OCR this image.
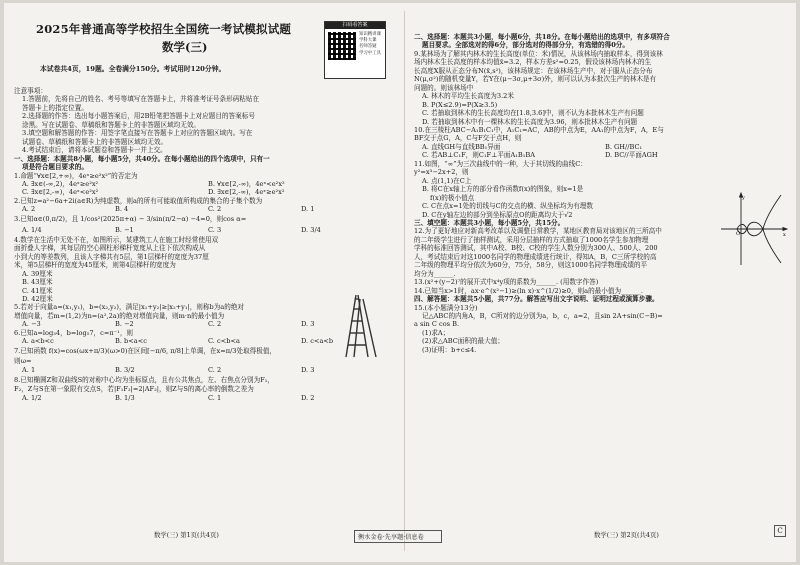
2025年普通高等学校招生全国统一考试模拟试题
数学(三)
本试卷共4页，19题。全卷满分150分。考试用时120分钟。
扫码看答案
知识精讲课
学科大课
名师答疑
学习中工具
注意事项：
1.答题前，先将自己的姓名、考号等填写在答题卡上，并将准考证号条形码粘贴在
答题卡上的指定位置。
2.选择题的作答：选出每小题答案后，用2B铅笔把答题卡上对应题目的答案标号
涂黑。写在试题卷、草稿纸和答题卡上的非答题区域均无效。
3.填空题和解答题的作答：用签字笔直接写在答题卡上对应的答题区域内。写在
试题卷、草稿纸和答题卡上的非答题区域均无效。
4.考试结束后，请将本试题卷和答题卡一并上交。
一、选择题：本题共8小题，每小题5分，共40分。在每小题给出的四个选项中，只有一
项是符合题目要求的。
1.命题“∀x∈[2,+∞)，4eˣ≥e²x²”的否定为
A. ∃x∈(-∞,2)，4eˣ≥e²x²	B. ∀x∈[2,-∞)，4eˣ<e²x²
C. ∃x∈[2,-∞)，4eˣ<e²x²	D. ∃x∈[2,-∞)，4eˣ≥e²x²
2.已知z=a²−6a+2i(a∈R)为纯虚数，则a的所有可能取值所构成的集合的子集个数为
A. 2	B. 4	C. 2	D. 1
3.已知α∈(0,π/2)，且 1/cos²(2025π+α) − 3/sin(π/2−α) −4=0，则cos α=
A. 1/4	B. −1	C. 3	D. 3/4
4.数学在生活中无处不在，如图所示，某建筑工人在施工时经常使用双
面折叠人字梯，其每层的空心圆柱形梯杆宽度从上往下依次构成从
小到大的等差数列，且该人字梯共有5层，第1层梯杆的宽度为37厘
米，第5层梯杆的宽度为45厘米，则第4层梯杆的宽度为
A. 39厘米
B. 43厘米
C. 41厘米
D. 42厘米
5.若对于向量a=(x₁,y₁)，b=(x₂,y₂)，满足|x₁+y₂|≥|x₂+y₁|，则称b为a的绝对
增值向量，若m=(1,2)为n=(a²,2a)的绝对增值向量，则m·n的最小值为
A. −3	B. −2	C. 2	D. 3
6.已知a=log₃4，b=log₅7，c=π⁻¹，则
A. a<b<c	B. b<a<c	C. c<b<a	D. c<a<b
7.已知函数 f(x)=cos(ωx+π/3)(ω>0)在区间[−π/6, π/8]上单调，在x=π/3处取得极值，
则ω=
A. 1	B. 3/2	C. 2	D. 3
8.已知椭圆Z和双曲线S的对称中心均为坐标原点，且有公共焦点，左、右焦点分别为F₁，
F₂，Z与S在第一象限有交点S，若|F₁F₂|=2|AF₂|，则Z与S的离心率的倒数之差为
A. 1/2	B. 1/3	C. 1	D. 2
二、选择题：本题共3小题，每小题6分，共18分。在每小题给出的选项中，有多项符合
题目要求。全部选对的得6分，部分选对的得部分分，有选错的得0分。
9.某林场为了解其内林木的生长高度(单位：米)情况，从该林场内抽取样本，得到该林
场内林木生长高度的样本均值x̄=3.2，样本方差s²=0.25，假设该林场内林木的生
长高度X服从正态分布N(x̄,s²)，该林场规定：在该林场生产中，对于服从正态分布
N(μ,σ²)的随机变量Y，若Y在(μ−3σ,μ+3σ)外，则可以认为本批次生产的林木是有
问题的。则该林场中
A. 林木的平均生长高度为3.2米
B. P(X≤2.9)=P(X≥3.5)
C. 若抽取到林木的生长高度均在[1.8,3.6]中，则不认为本批林木生产有问题
D. 若抽取到林木中有一棵林木的生长高度为3.96，则本批林木生产有问题
10.在三棱柱ABC−A₁B₁C₁中，A₁C₁=AC，AB的中点为E，AA₁的中点为F，A，E与
BF交于点G，A，C与F交于点H，则
A. 直线GH与直线BB₁异面	B. GH//BC₁
C. 若AB⊥C₁F，则C₁F⊥平面A₁B₁BA	D. BC//平面AGH
11.如图，“∞”为三次曲线中的一种，大于其切线的曲线C：
y²=x³−2x+2，则
A. 点(1,1)在C上
B. 将C在x轴上方的部分看作函数f(x)的图象，则x=1是
f(x)的极小值点
C. C在点x=1处的切线与C的交点的横、纵坐标均为有理数
D. C在y轴左边的部分到坐标原点O的距离均大于√2
三、填空题：本题共3小题，每小题5分，共15分。
12.为了更好地应对新高考改革以及调整日常教学，某地区教育局对该地区的三所高中
的二年级学生进行了抽样测试，采用分层抽样的方式抽取了1000名学生参加物理
学科的标准回答测试，其中A校、B校、C校的学生人数分别为300人、500人、200
人，考试结束后对这1000名同学的物理成绩进行统计，得知A，B，C三所学校的高
二年级的物理平均分依次为60分，75分，58分，则这1000名同学物理成绩的平
均分为______.
13.(x²+(y−2)⁷的展开式中x⁴y项的系数为______. (用数字作答)
14.已知当x>1时，ax·e^(x²−1)≥(ln x)·x^(1/2)≥0，则a的最小值为______.
四、解答题：本题共5小题，共77分。解答应写出文字说明、证明过程或演算步骤。
15.(本小题满分13分)
记△ABC的内角A，B，C所对的边分别为a，b，c，a=2，且sin 2A+sin(C−B)=
a sin C cos B.
(1)求A；
(2)求△ABC面积的最大值；
(3)证明：b+c≤4.
y
x
O
数学(三) 第1页(共4页)	衡水金卷·先享题·信息卷	数学(三) 第2页(共4页)	C
